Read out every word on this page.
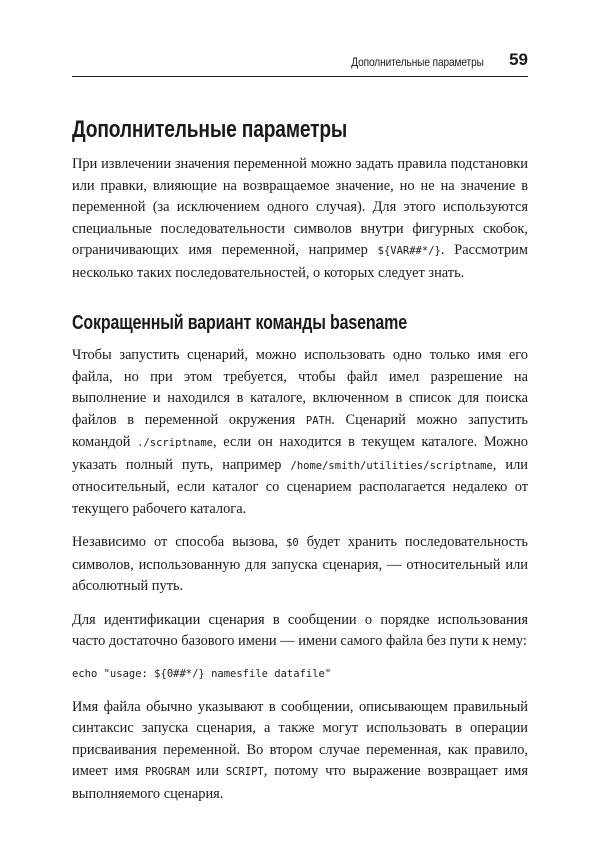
Дополнительные параметры 59
Дополнительные параметры

При извлечении значения переменной можно задать правила подстановки или правки, влияющие на возвращаемое значение, но не на значение в переменной (за исключением одного случая). Для этого используются специальные последовательности символов внутри фигурных скобок, ограничивающих имя переменной, например ${VAR##*/}. Рассмотрим несколько таких последовательностей, о которых следует знать.

Сокращенный вариант команды basename

Чтобы запустить сценарий, можно использовать одно только имя его файла, но при этом требуется, чтобы файл имел разрешение на выполнение и находился в каталоге, включенном в список для поиска файлов в переменной окружения PATH. Сценарий можно запустить командой ./scriptname, если он находится в текущем каталоге. Можно указать полный путь, например /home/smith/utilities/scriptname, или относительный, если каталог со сценарием располагается недалеко от текущего рабочего каталога.

Независимо от способа вызова, $0 будет хранить последовательность символов, использованную для запуска сценария, — относительный или абсолютный путь.

Для идентификации сценария в сообщении о порядке использования часто достаточно базового имени — имени самого файла без пути к нему:

echo "usage: ${0##*/} namesfile datafile"

Имя файла обычно указывают в сообщении, описывающем правильный синтаксис запуска сценария, а также могут использовать в операции присваивания переменной. Во втором случае переменная, как правило, имеет имя PROGRAM или SCRIPT, потому что выражение возвращает имя выполняемого сценария.
